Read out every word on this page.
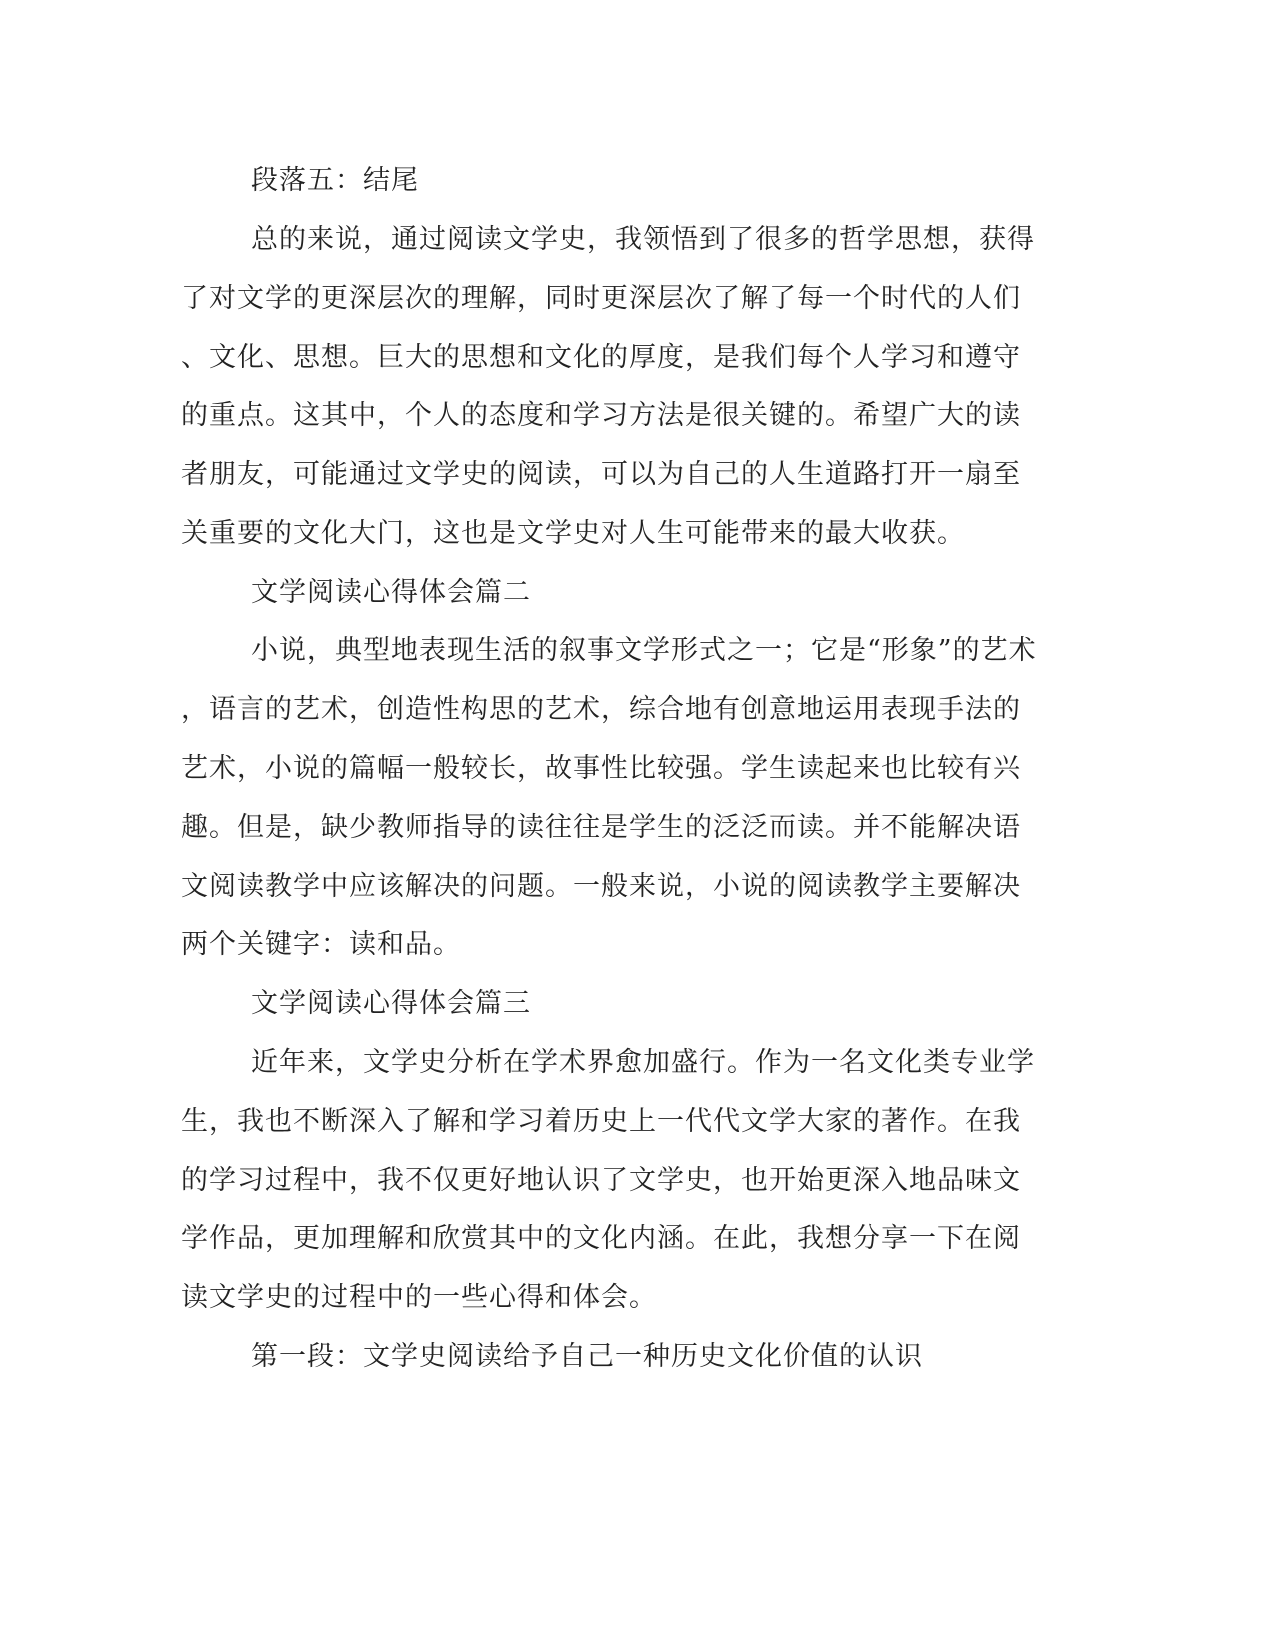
段落五：结尾
总的来说，通过阅读文学史，我领悟到了很多的哲学思想，获得
了对文学的更深层次的理解，同时更深层次了解了每一个时代的人们
、文化、思想。巨大的思想和文化的厚度，是我们每个人学习和遵守
的重点。这其中，个人的态度和学习方法是很关键的。希望广大的读
者朋友，可能通过文学史的阅读，可以为自己的人生道路打开一扇至
关重要的文化大门，这也是文学史对人生可能带来的最大收获。
文学阅读心得体会篇二
小说，典型地表现生活的叙事文学形式之一；它是“形象”的艺术
，语言的艺术，创造性构思的艺术，综合地有创意地运用表现手法的
艺术，小说的篇幅一般较长，故事性比较强。学生读起来也比较有兴
趣。但是，缺少教师指导的读往往是学生的泛泛而读。并不能解决语
文阅读教学中应该解决的问题。一般来说，小说的阅读教学主要解决
两个关键字：读和品。
文学阅读心得体会篇三
近年来，文学史分析在学术界愈加盛行。作为一名文化类专业学
生，我也不断深入了解和学习着历史上一代代文学大家的著作。在我
的学习过程中，我不仅更好地认识了文学史，也开始更深入地品味文
学作品，更加理解和欣赏其中的文化内涵。在此，我想分享一下在阅
读文学史的过程中的一些心得和体会。
第一段：文学史阅读给予自己一种历史文化价值的认识
